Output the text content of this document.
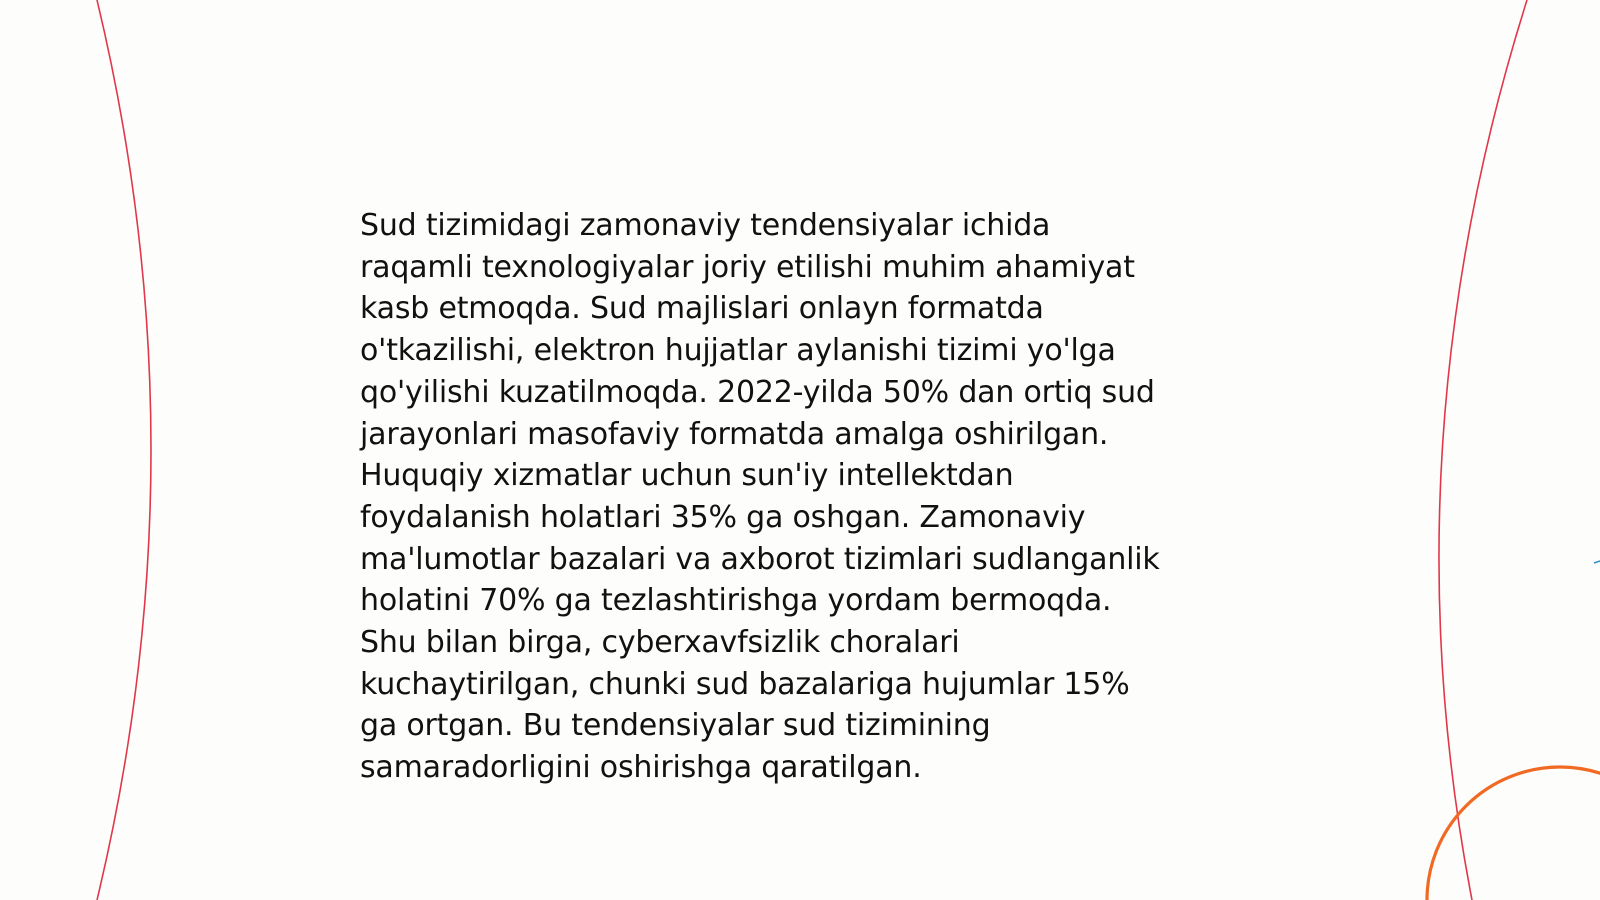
Sud tizimidagi zamonaviy tendensiyalar ichida
raqamli texnologiyalar joriy etilishi muhim ahamiyat
kasb etmoqda. Sud majlislari onlayn formatda
o'tkazilishi, elektron hujjatlar aylanishi tizimi yo'lga
qo'yilishi kuzatilmoqda. 2022-yilda 50% dan ortiq sud
jarayonlari masofaviy formatda amalga oshirilgan.
Huquqiy xizmatlar uchun sun'iy intellektdan
foydalanish holatlari 35% ga oshgan. Zamonaviy
ma'lumotlar bazalari va axborot tizimlari sudlanganlik
holatini 70% ga tezlashtirishga yordam bermoqda.
Shu bilan birga, cyberxavfsizlik choralari
kuchaytirilgan, chunki sud bazalariga hujumlar 15%
ga ortgan. Bu tendensiyalar sud tizimining
samaradorligini oshirishga qaratilgan.
